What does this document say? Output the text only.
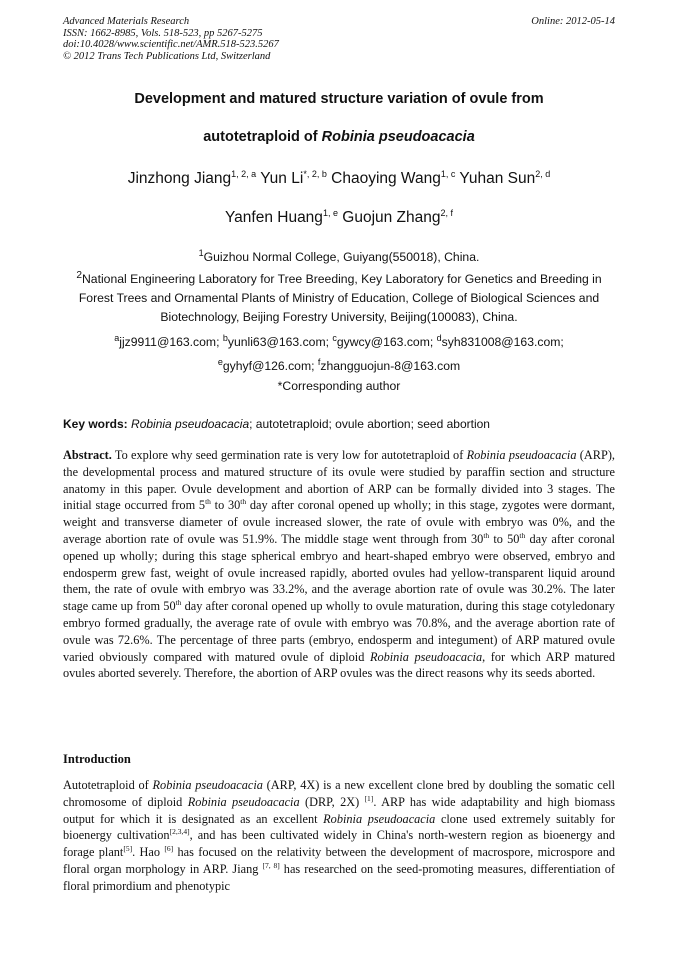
Advanced Materials Research
ISSN: 1662-8985, Vols. 518-523, pp 5267-5275
doi:10.4028/www.scientific.net/AMR.518-523.5267
© 2012 Trans Tech Publications Ltd, Switzerland
Online: 2012-05-14
Development and matured structure variation of ovule from
autotetraploid of Robinia pseudoacacia
Jinzhong Jiang$^{1, 2, a}$ Yun $Li^{*, 2, b}$ Chaoying Wang$^{1, c}$ Yuhan Sun$^{2, d}$
Yanfen Huang$^{1, e}$ Guojun Zhang$^{2, f}$
$^1$Guizhou Normal College, Guiyang(550018), China.
$^2$National Engineering Laboratory for Tree Breeding, Key Laboratory for Genetics and Breeding in Forest Trees and Ornamental Plants of Ministry of Education, College of Biological Sciences and Biotechnology, Beijing Forestry University, Beijing(100083), China.
$^a$jjz9911@163.com; $^b$yunli63@163.com; $^c$gywcy@163.com; $^d$syh831008@163.com;
$^e$gyhyf@126.com; $^f$zhangguojun-8@163.com
*Corresponding author
Key words: Robinia pseudoacacia; autotetraploid; ovule abortion; seed abortion
Abstract. To explore why seed germination rate is very low for autotetraploid of Robinia pseudoacacia (ARP), the developmental process and matured structure of its ovule were studied by paraffin section and structure anatomy in this paper. Ovule development and abortion of ARP can be formally divided into 3 stages. The initial stage occurred from 5th to 30th day after coronal opened up wholly; in this stage, zygotes were dormant, weight and transverse diameter of ovule increased slower, the rate of ovule with embryo was 0%, and the average abortion rate of ovule was 51.9%. The middle stage went through from 30th to 50th day after coronal opened up wholly; during this stage spherical embryo and heart-shaped embryo were observed, embryo and endosperm grew fast, weight of ovule increased rapidly, aborted ovules had yellow-transparent liquid around them, the rate of ovule with embryo was 33.2%, and the average abortion rate of ovule was 30.2%. The later stage came up from 50th day after coronal opened up wholly to ovule maturation, during this stage cotyledonary embryo formed gradually, the average rate of ovule with embryo was 70.8%, and the average abortion rate of ovule was 72.6%. The percentage of three parts (embryo, endosperm and integument) of ARP matured ovule varied obviously compared with matured ovule of diploid Robinia pseudoacacia, for which ARP matured ovules aborted severely. Therefore, the abortion of ARP ovules was the direct reasons why its seeds aborted.
Introduction
Autotetraploid of Robinia pseudoacacia (ARP, 4X) is a new excellent clone bred by doubling the somatic cell chromosome of diploid Robinia pseudoacacia (DRP, 2X) [1]. ARP has wide adaptability and high biomass output for which it is designated as an excellent Robinia pseudoacacia clone used extremely suitably for bioenergy cultivation[2,3,4], and has been cultivated widely in China's north-western region as bioenergy and forage plant[5]. Hao [6] has focused on the relativity between the development of macrospore, microspore and floral organ morphology in ARP. Jiang [7, 8] has researched on the seed-promoting measures, differentiation of floral primordium and phenotypic
